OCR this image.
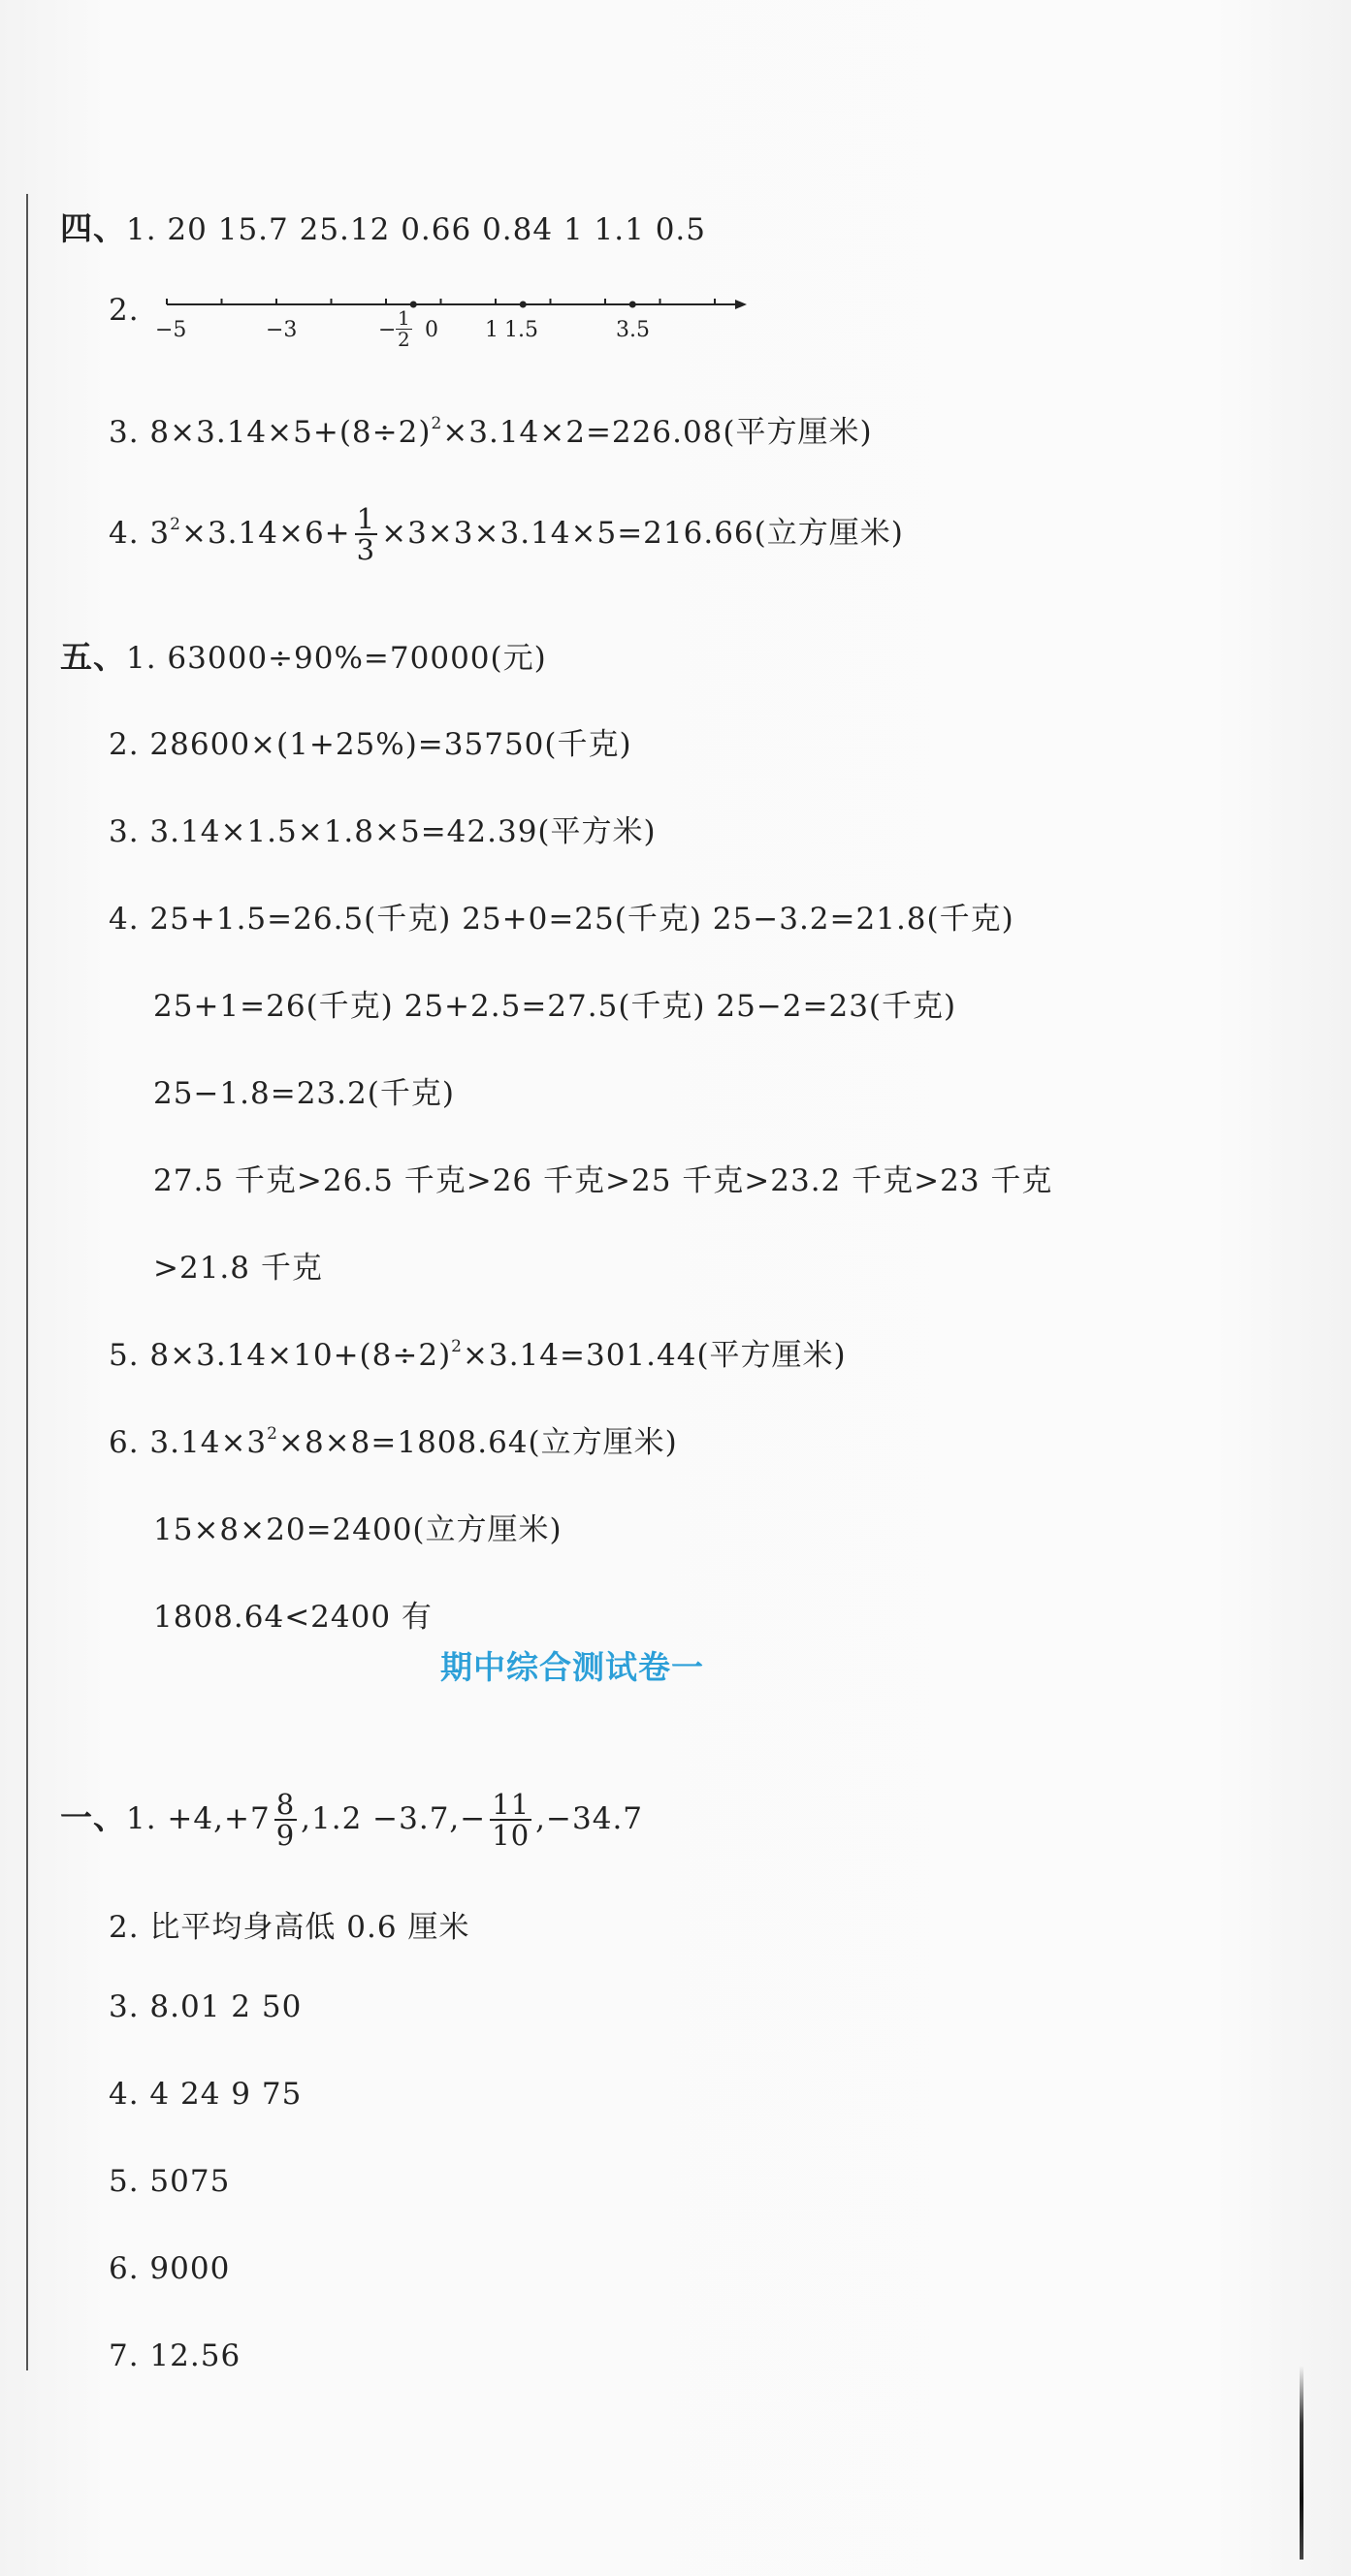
四、1. 20 15.7 25.12 0.66 0.84 1 1.1 0.5
2.
−5	−3	− $\frac{1}{2} 0$ 1 1.5	3.5
3. $8\times 3.14\times 5+(8\div 2)^2\times 3.14\times 2=226.08$(平方厘米)
4. $3^2\times 3.14\times 6+ \frac{1}{3} \times 3\times 3\times 3.14\times 5=216.66$(立方厘米)
五、1. 63000÷90%=70000(元)
2. 28600×(1+25%)=35750(千克)
3. 3.14×1.5×1.8×5=42.39(平方米)
4. 25+1.5=26.5(千克) 25+0=25(千克) 25−3.2=21.8(千克)
25+1=26(千克) 25+2.5=27.5(千克) 25−2=23(千克)
25−1.8=23.2(千克)
27.5 千克>26.5 千克>26 千克>25 千克>23.2 千克>23 千克
>21.8 千克
5. $8\times 3.14\times 10+(8\div 2)^2\times 3.14=301.44$(平方厘米)
6. $3.14\times 3^2\times 8\times 8=1808.64$(立方厘米)
15×8×20=2400(立方厘米)
1808.64<2400 有
期中综合测试卷一
一、1. $+4,+7 \frac{8}{9} ,1.2 -3.7,- \frac{11}{10} ,-34.7$
2. 比平均身高低 0.6 厘米
3. 8.01 2 50
4. 4 24 9 75
5. 5075
6. 9000
7. 12.56
